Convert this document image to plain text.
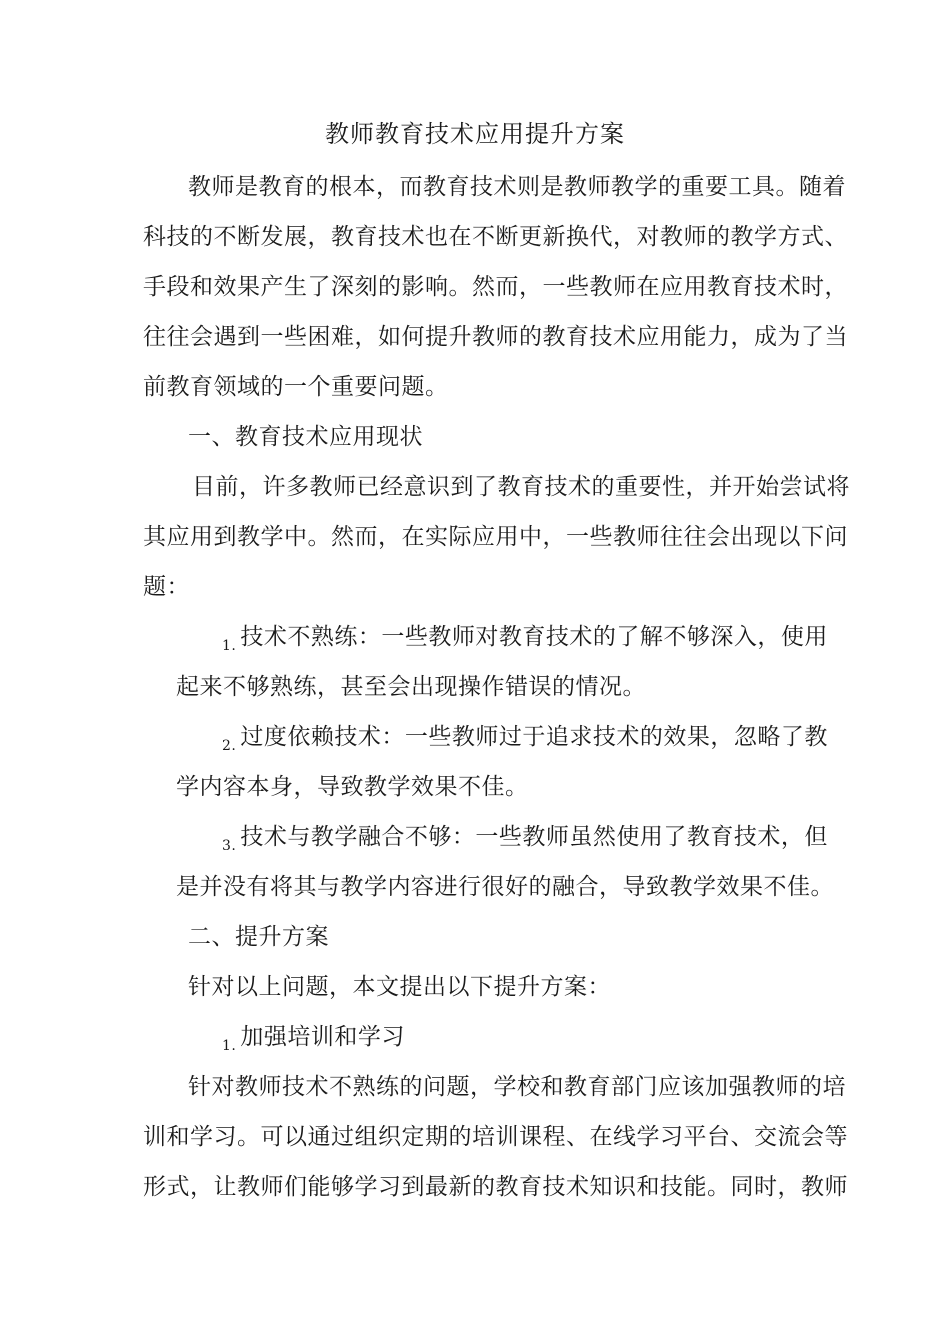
教师教育技术应用提升方案
教师是教育的根本，而教育技术则是教师教学的重要工具。随着
科技的不断发展，教育技术也在不断更新换代，对教师的教学方式、
手段和效果产生了深刻的影响。然而，一些教师在应用教育技术时，
往往会遇到一些困难，如何提升教师的教育技术应用能力，成为了当
前教育领域的一个重要问题。
一、教育技术应用现状
目前，许多教师已经意识到了教育技术的重要性，并开始尝试将
其应用到教学中。然而，在实际应用中，一些教师往往会出现以下问
题：
$_{1.}$ 技术不熟练：一些教师对教育技术的了解不够深入，使用
起来不够熟练，甚至会出现操作错误的情况。
$_{2.}$ 过度依赖技术：一些教师过于追求技术的效果，忽略了教
学内容本身，导致教学效果不佳。
$_{3.}$ 技术与教学融合不够：一些教师虽然使用了教育技术，但
是并没有将其与教学内容进行很好的融合，导致教学效果不佳。
二、提升方案
针对以上问题，本文提出以下提升方案：
$_{1.}$ 加强培训和学习
针对教师技术不熟练的问题，学校和教育部门应该加强教师的培
训和学习。可以通过组织定期的培训课程、在线学习平台、交流会等
形式，让教师们能够学习到最新的教育技术知识和技能。同时，教师
